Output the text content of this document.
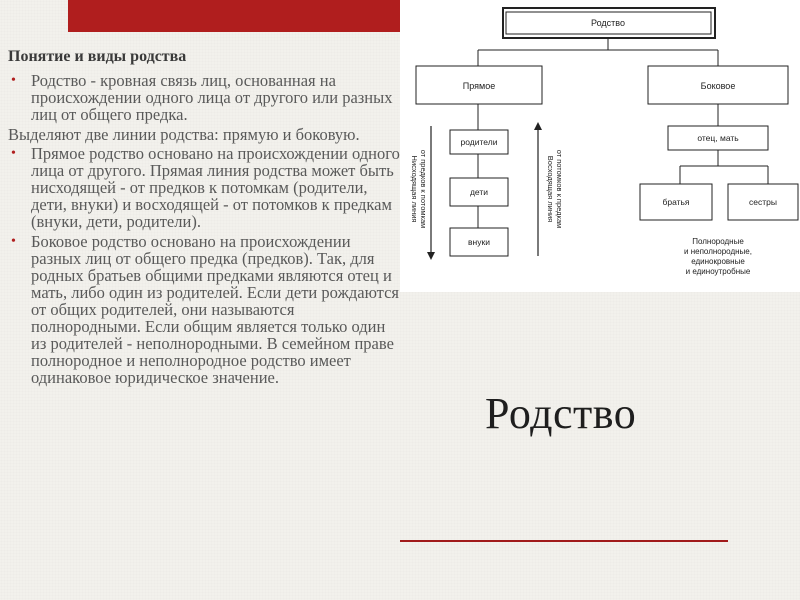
Понятие и виды родства

• Родство - кровная связь лиц, основанная на происхождении одного лица от другого или разных лиц от общего предка.

Выделяют две линии родства: прямую и боковую.

• Прямое родство основано на происхождении одного лица от другого. Прямая линия родства может быть нисходящей - от предков к потомкам (родители, дети, внуки) и восходящей - от потомков к предкам (внуки, дети, родители).
• Боковое родство основано на происхождении разных лиц от общего предка (предков). Так, для родных братьев общими предками являются отец и мать, либо один из родителей. Если дети рождаются от общих родителей, они называются полнородными. Если общим является только один из родителей - неполнородными. В семейном праве полнородное и неполнородное родство имеет одинаковое юридическое значение.
Родство
Прямое	Боковое
родители
дети
внуки
отец, мать
братья	сестры
Нисходящая линия от предков к потомкам	Восходящая линия от потомков к предкам
Полнородные
и неполнородные,
единокровные
и единоутробные
Родство
